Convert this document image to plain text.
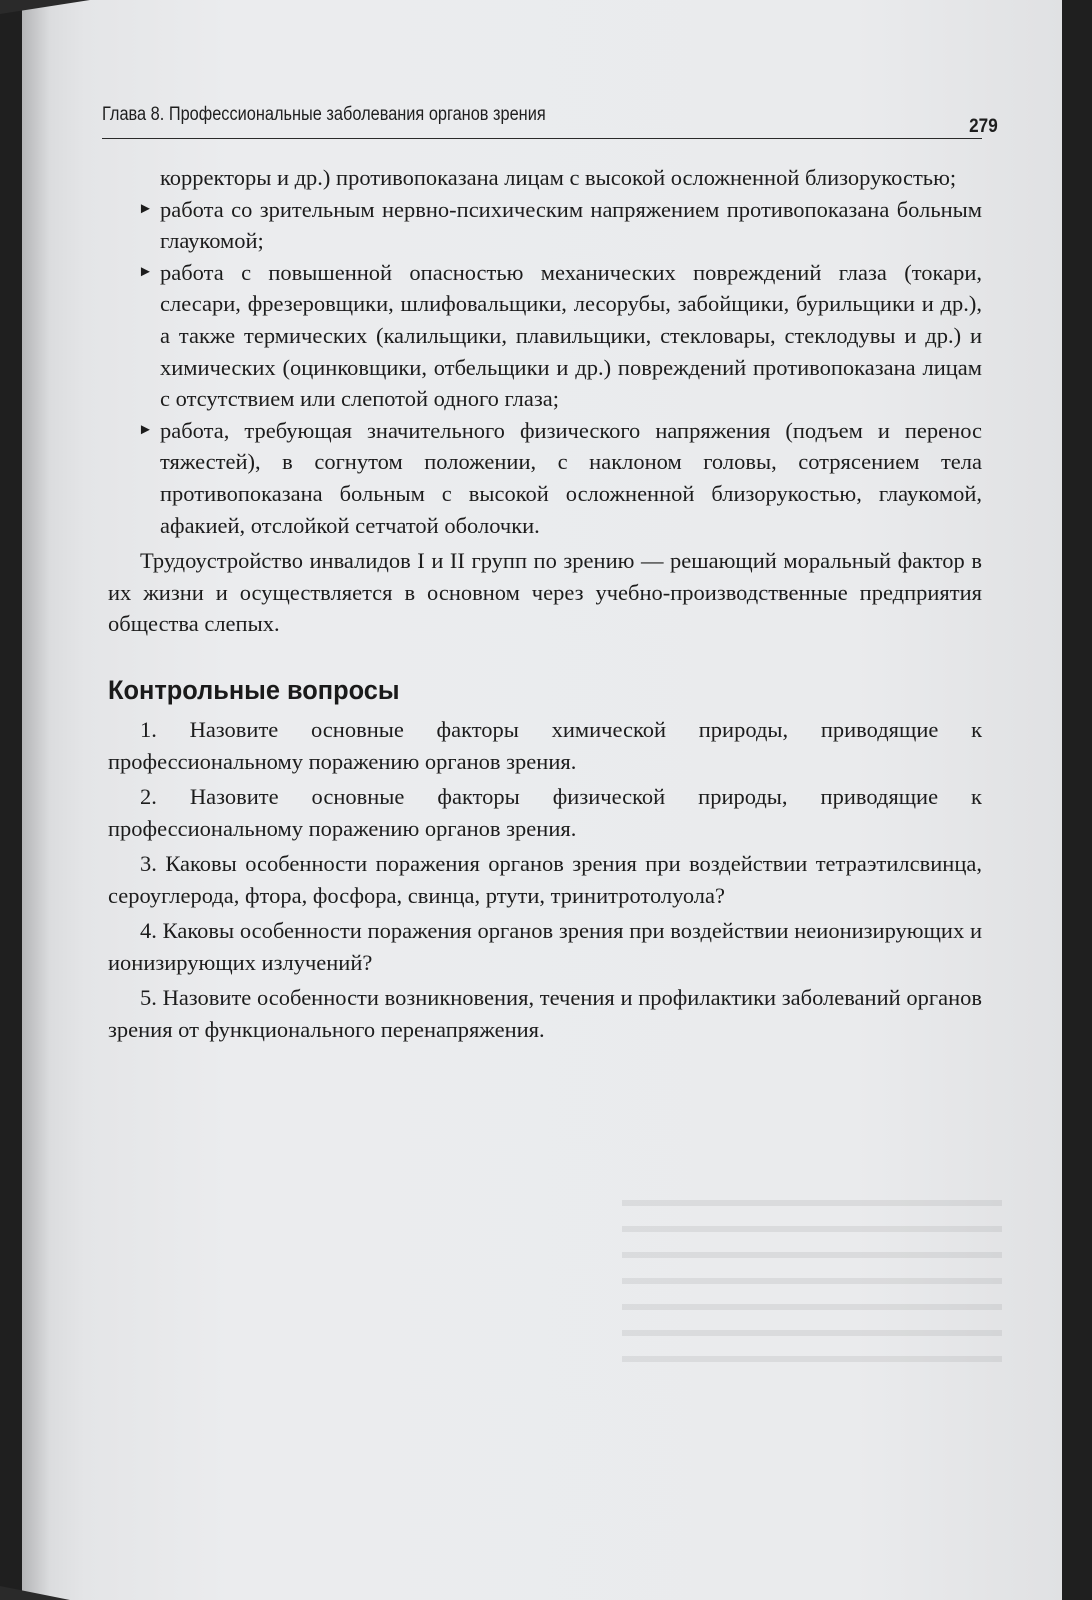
Глава 8. Профессиональные заболевания органов зрения
279

корректоры и др.) противопоказана лицам с высокой осложненной близорукостью;

► работа со зрительным нервно-психическим напряжением противопоказана больным глаукомой;
► работа с повышенной опасностью механических повреждений глаза (токари, слесари, фрезеровщики, шлифовальщики, лесорубы, забойщики, бурильщики и др.), а также термических (калильщики, плавильщики, стекловары, стеклодувы и др.) и химических (оцинковщики, отбельщики и др.) повреждений противопоказана лицам с отсутствием или слепотой одного глаза;
► работа, требующая значительного физического напряжения (подъем и перенос тяжестей), в согнутом положении, с наклоном головы, сотрясением тела противопоказана больным с высокой осложненной близорукостью, глаукомой, афакией, отслойкой сетчатой оболочки.

Трудоустройство инвалидов I и II групп по зрению — решающий моральный фактор в их жизни и осуществляется в основном через учебно-производственные предприятия общества слепых.

Контрольные вопросы

1. Назовите основные факторы химической природы, приводящие к профессиональному поражению органов зрения.

2. Назовите основные факторы физической природы, приводящие к профессиональному поражению органов зрения.

3. Каковы особенности поражения органов зрения при воздействии тетраэтилсвинца, сероуглерода, фтора, фосфора, свинца, ртути, тринитротолуола?

4. Каковы особенности поражения органов зрения при воздействии неионизирующих и ионизирующих излучений?

5. Назовите особенности возникновения, течения и профилактики заболеваний органов зрения от функционального перенапряжения.
